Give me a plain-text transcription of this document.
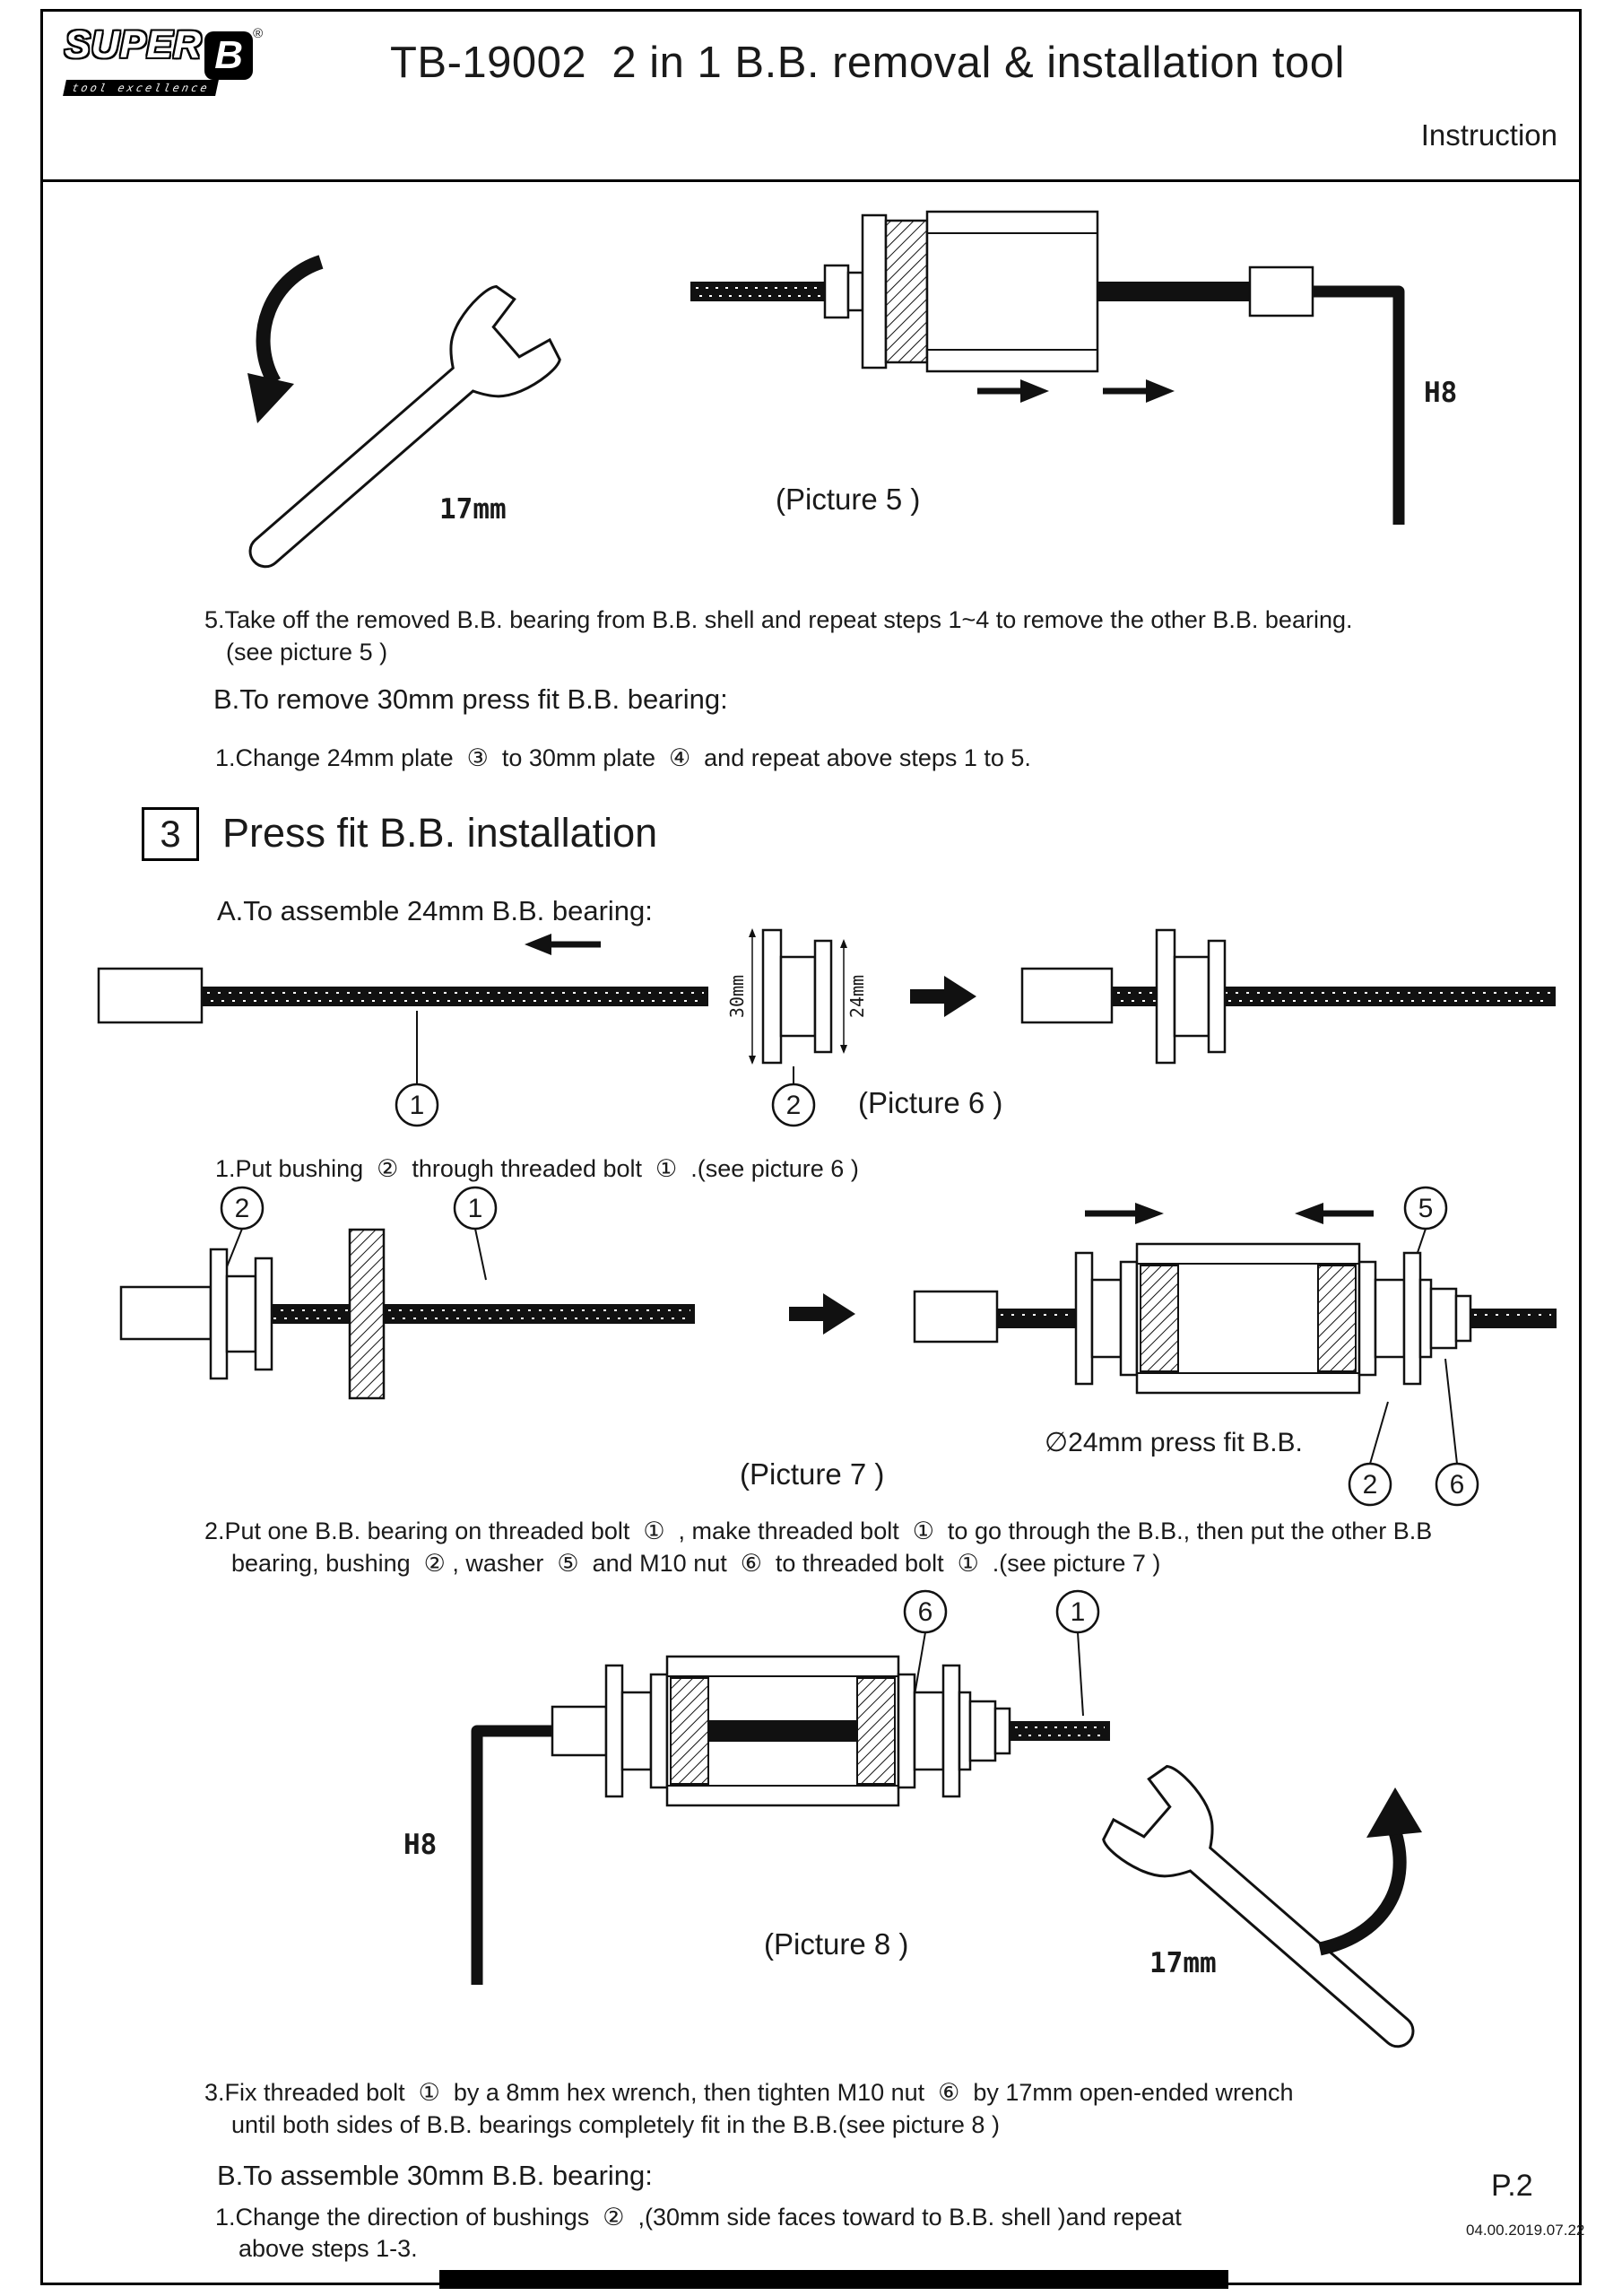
SUPER B ®
tool excellence
TB-19002  2 in 1 B.B. removal & installation tool
Instruction
17mm
H8
(Picture 5 )
5.Take off the removed B.B. bearing from B.B. shell and repeat steps 1~4 to remove the other B.B. bearing.
(see picture 5 )
B.To remove 30mm press fit B.B. bearing:
1.Change 24mm plate  ③  to 30mm plate  ④  and repeat above steps 1 to 5.
3	Press fit B.B. installation
A.To assemble 24mm B.B. bearing:
30mm	24mm
1	2 (Picture 6 )
1.Put bushing  ②  through threaded bolt  ①  .(see picture 6 )
2	1	5
∅24mm press fit B.B.
2	6
(Picture 7 )
2.Put one B.B. bearing on threaded bolt  ①  , make threaded bolt  ①  to go through the B.B., then put the other B.B
bearing, bushing  ② , washer  ⑤  and M10 nut  ⑥  to threaded bolt  ①  .(see picture 7 )
6	1
H8
17mm
(Picture 8 )
3.Fix threaded bolt  ①  by a 8mm hex wrench, then tighten M10 nut  ⑥  by 17mm open-ended wrench
until both sides of B.B. bearings completely fit in the B.B.(see picture 8 )
B.To assemble 30mm B.B. bearing:
1.Change the direction of bushings  ②  ,(30mm side faces toward to B.B. shell )and repeat
above steps 1-3.
P.2
04.00.2019.07.22
